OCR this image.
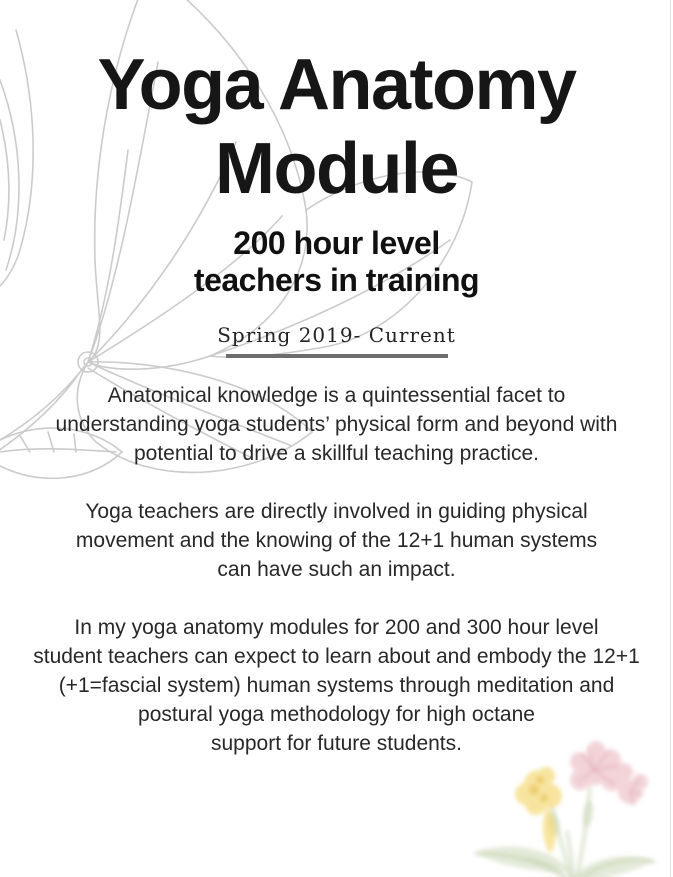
Yoga Anatomy
Module
200 hour level
teachers in training
Spring 2019- Current

Anatomical knowledge is a quintessential facet to
understanding yoga students’ physical form and beyond with
potential to drive a skillful teaching practice.

Yoga teachers are directly involved in guiding physical
movement and the knowing of the 12+1 human systems
can have such an impact.

In my yoga anatomy modules for 200 and 300 hour level
student teachers can expect to learn about and embody the 12+1
(+1=fascial system) human systems through meditation and
postural yoga methodology for high octane
support for future students.
